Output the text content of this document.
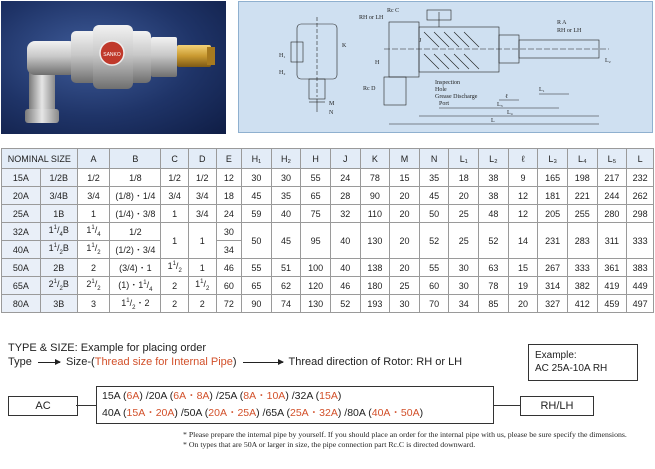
SANKO
Rc C
RH or LH
Rc D
R A
RH or LH
H₁
K
H₂
H
M
N
Inspection
Hole
Grease Discharge
Port
L₁
ℓ
L₃
L₄
L
L₂
J
NOMINAL SIZE		A	B	C	D	E	H₁	H₂	H	J	K	M	N	L₁	L₂	ℓ	L₃	L₄	L₅	L
15A	1/2B	1/2	1/8	1/2	1/2	12	30	30	55	24	78	15	35	18	38	9	165	198	217	232
20A	3/4B	3/4	(1/8)・1/4	3/4	3/4	18	45	35	65	28	90	20	45	20	38	12	181	221	244	262
25A	1B	1	(1/4)・3/8	1	3/4	24	59	40	75	32	110	20	50	25	48	12	205	255	280	298
32A	$1^1/_4B$	$1^1/_4$	1/2	1	1	30	50	45	95	40	130	20	52	25	52	14	231	283	311	333
40A	$1^1/_2B$	$1^1/_2$	(1/2)・3/4			34														
50A	2B	2	(3/4)・1	$1^1/_2$	1	46	55	51	100	40	138	20	55	30	63	15	267	333	361	383
65A	$2^1/_2B$	$2^1/_2$	(1)・$1^1/_4$	2	$1^1/_2$	60	65	62	120	46	180	25	60	30	78	19	314	382	419	449
80A	3B	3	$1^1/_2$・2	2	2	72	90	74	130	52	193	30	70	34	85	20	327	412	459	497
TYPE & SIZE: Example for placing order
Type	Size-(Thread size for Internal Pipe)	Thread direction of Rotor: RH or LH
Example:
AC 25A-10A RH
AC
15A (6A) /20A (6A・8A) /25A (8A・10A) /32A (15A)
40A (15A・20A) /50A (20A・25A) /65A (25A・32A) /80A (40A・50A)
RH/LH
* Please prepare the internal pipe by yourself. If you should place an order for the internal pipe with us, please be sure specify the dimensions.
* On types that are 50A or larger in size, the pipe connection part Rc.C is directed downward.
